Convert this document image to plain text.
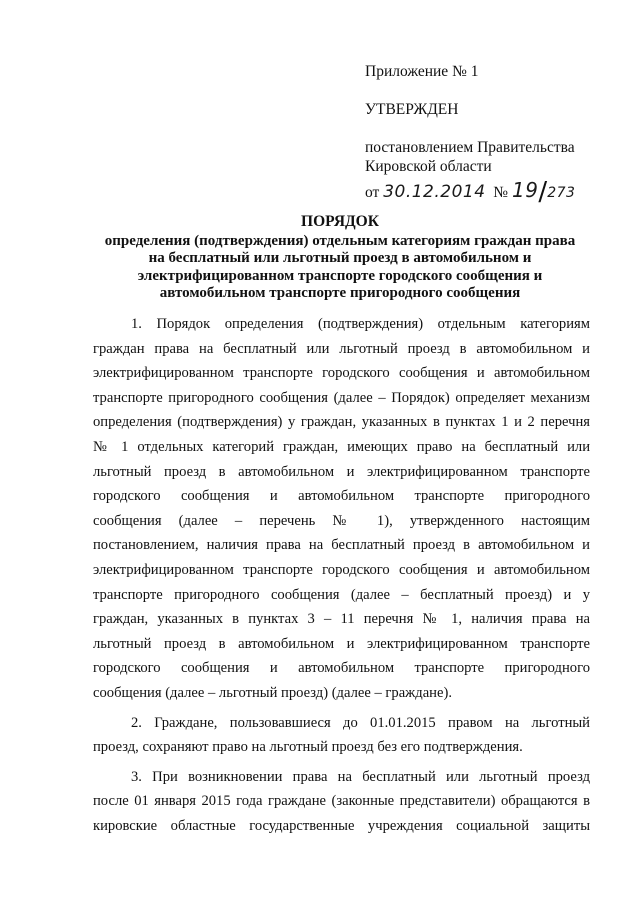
Приложение № 1
УТВЕРЖДЕН
постановлением Правительства
Кировской области
от 30.12.2014 № 19/273
ПОРЯДОК
определения (подтверждения) отдельным категориям граждан права
на бесплатный или льготный проезд в автомобильном и
электрифицированном транспорте городского сообщения и
автомобильном транспорте пригородного сообщения

1. Порядок определения (подтверждения) отдельным категориям
граждан права на бесплатный или льготный проезд в автомобильном и
электрифицированном транспорте городского сообщения и автомобильном
транспорте пригородного сообщения (далее – Порядок) определяет механизм
определения (подтверждения) у граждан, указанных в пунктах 1 и 2 перечня
№ 1 отдельных категорий граждан, имеющих право на бесплатный или
льготный проезд в автомобильном и электрифицированном транспорте
городского сообщения и автомобильном транспорте пригородного
сообщения (далее – перечень № 1), утвержденного настоящим
постановлением, наличия права на бесплатный проезд в автомобильном и
электрифицированном транспорте городского сообщения и автомобильном
транспорте пригородного сообщения (далее – бесплатный проезд) и у
граждан, указанных в пунктах 3 – 11 перечня № 1, наличия права на
льготный проезд в автомобильном и электрифицированном транспорте
городского сообщения и автомобильном транспорте пригородного
сообщения (далее – льготный проезд) (далее – граждане).

2. Граждане, пользовавшиеся до 01.01.2015 правом на льготный
проезд, сохраняют право на льготный проезд без его подтверждения.

3. При возникновении права на бесплатный или льготный проезд
после 01 января 2015 года граждане (законные представители) обращаются в
кировские областные государственные учреждения социальной защиты
